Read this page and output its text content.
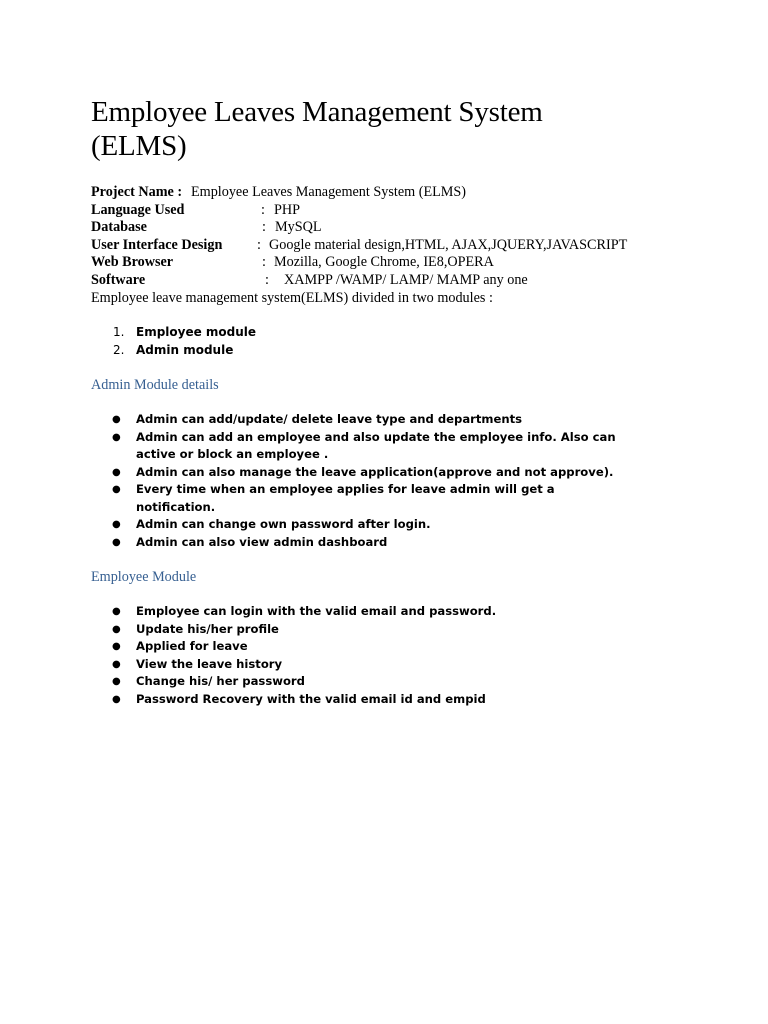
Employee Leaves Management System
(ELMS)
Project Name : Employee Leaves Management System (ELMS)
Language Used	: PHP
Database	: MySQL
User Interface Design : Google material design,HTML, AJAX,JQUERY,JAVASCRIPT
Web Browser	: Mozilla, Google Chrome, IE8,OPERA
Software	: XAMPP /WAMP/ LAMP/ MAMP any one

Employee leave management system(ELMS) divided in two modules :

1. Employee module
2. Admin module
Admin Module details
● Admin can add/update/ delete leave type and departments
● Admin can add an employee and also update the employee info. Also can active or block an employee .
● Admin can also manage the leave application(approve and not approve).
● Every time when an employee applies for leave admin will get a notification.
● Admin can change own password after login.
● Admin can also view admin dashboard
Employee Module
● Employee can login with the valid email and password.
● Update his/her profile
● Applied for leave
● View the leave history
● Change his/ her password
● Password Recovery with the valid email id and empid
